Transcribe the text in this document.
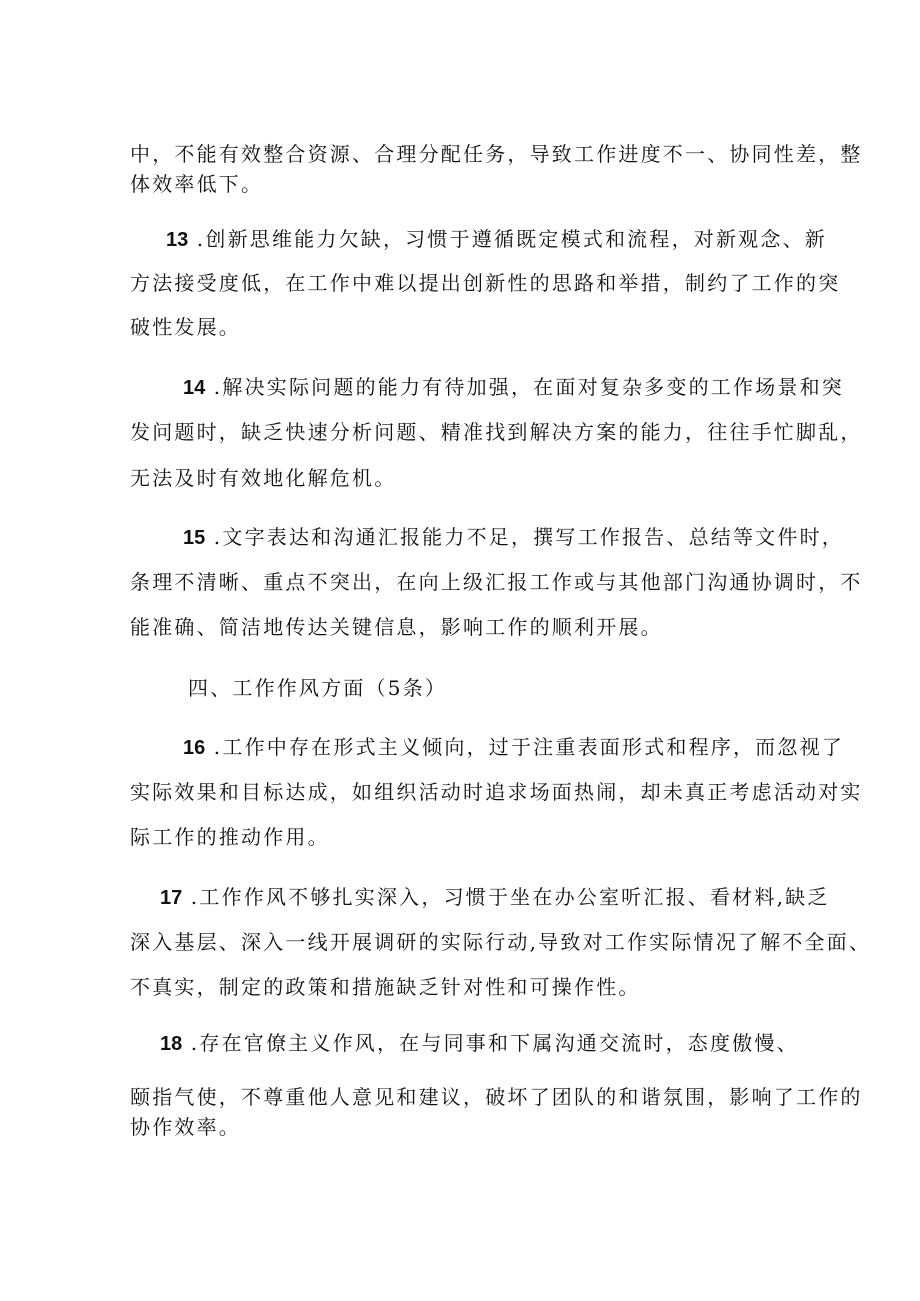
中，不能有效整合资源、合理分配任务，导致工作进度不一、协同性差，整
体效率低下。
13 .创新思维能力欠缺，习惯于遵循既定模式和流程，对新观念、新
方法接受度低，在工作中难以提出创新性的思路和举措，制约了工作的突
破性发展。
14 .解决实际问题的能力有待加强，在面对复杂多变的工作场景和突
发问题时，缺乏快速分析问题、精准找到解决方案的能力，往往手忙脚乱，
无法及时有效地化解危机。
15 .文字表达和沟通汇报能力不足，撰写工作报告、总结等文件时，
条理不清晰、重点不突出，在向上级汇报工作或与其他部门沟通协调时，不
能准确、简洁地传达关键信息，影响工作的顺利开展。
四、工作作风方面（5条）
16 .工作中存在形式主义倾向，过于注重表面形式和程序，而忽视了
实际效果和目标达成，如组织活动时追求场面热闹，却未真正考虑活动对实
际工作的推动作用。
17 .工作作风不够扎实深入，习惯于坐在办公室听汇报、看材料,缺乏
深入基层、深入一线开展调研的实际行动,导致对工作实际情况了解不全面、
不真实，制定的政策和措施缺乏针对性和可操作性。
18 .存在官僚主义作风，在与同事和下属沟通交流时，态度傲慢、
颐指气使，不尊重他人意见和建议，破坏了团队的和谐氛围，影响了工作的
协作效率。
